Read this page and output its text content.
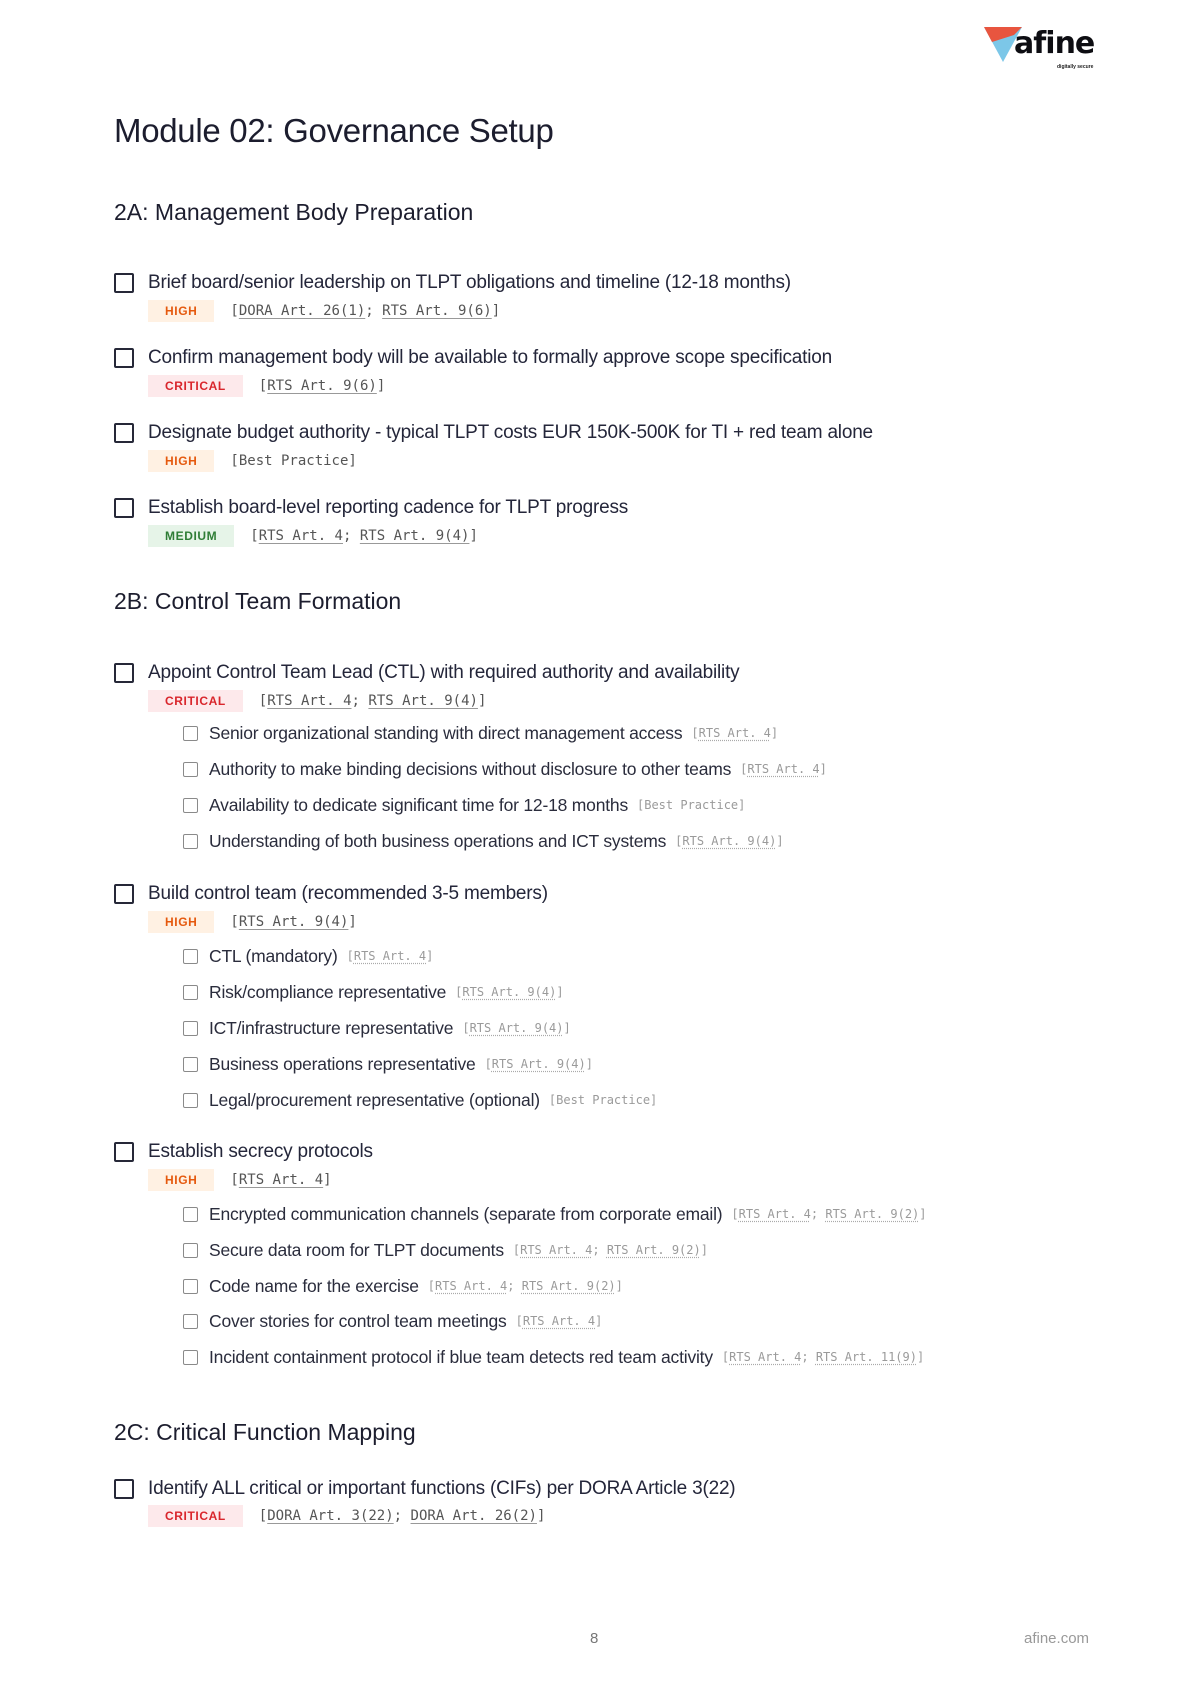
afine
digitally secure
Module 02: Governance Setup
2A: Management Body Preparation
Brief board/senior leadership on TLPT obligations and timeline (12-18 months)
HIGH	[DORA Art. 26(1); RTS Art. 9(6)]
Confirm management body will be available to formally approve scope specification
CRITICAL	[RTS Art. 9(6)]
Designate budget authority - typical TLPT costs EUR 150K-500K for TI + red team alone
HIGH	[Best Practice]
Establish board-level reporting cadence for TLPT progress
MEDIUM	[RTS Art. 4; RTS Art. 9(4)]
2B: Control Team Formation
Appoint Control Team Lead (CTL) with required authority and availability
CRITICAL	[RTS Art. 4; RTS Art. 9(4)]
Senior organizational standing with direct management access [RTS Art. 4]
Authority to make binding decisions without disclosure to other teams [RTS Art. 4]
Availability to dedicate significant time for 12-18 months [Best Practice]
Understanding of both business operations and ICT systems [RTS Art. 9(4)]
Build control team (recommended 3-5 members)
HIGH	[RTS Art. 9(4)]
CTL (mandatory) [RTS Art. 4]
Risk/compliance representative [RTS Art. 9(4)]
ICT/infrastructure representative [RTS Art. 9(4)]
Business operations representative [RTS Art. 9(4)]
Legal/procurement representative (optional) [Best Practice]
Establish secrecy protocols
HIGH	[RTS Art. 4]
Encrypted communication channels (separate from corporate email) [RTS Art. 4; RTS Art. 9(2)]
Secure data room for TLPT documents [RTS Art. 4; RTS Art. 9(2)]
Code name for the exercise [RTS Art. 4; RTS Art. 9(2)]
Cover stories for control team meetings [RTS Art. 4]
Incident containment protocol if blue team detects red team activity [RTS Art. 4; RTS Art. 11(9)]
2C: Critical Function Mapping
Identify ALL critical or important functions (CIFs) per DORA Article 3(22)
CRITICAL	[DORA Art. 3(22); DORA Art. 26(2)]
8	afine.com
